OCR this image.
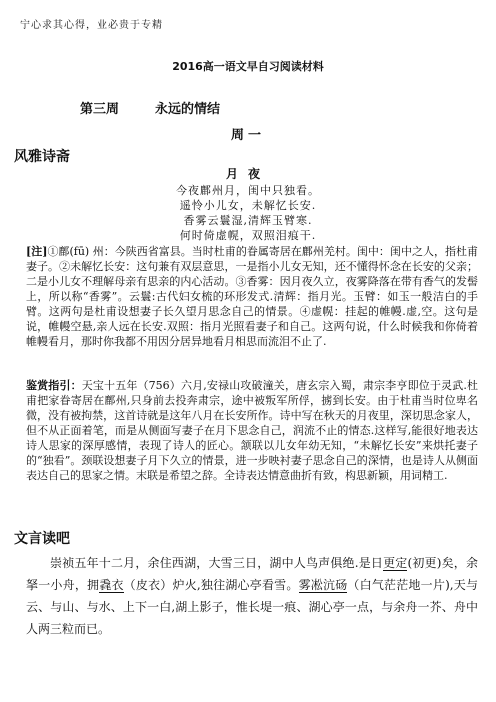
宁心求其心得，业必贵于专精
2016高一语文早自习阅读材料
第三周	永远的情结
周一
风雅诗斋
月夜
今夜鄜州月，闺中只独看。
遥怜小儿女，未解忆长安.
香雾云鬟湿,清辉玉臂寒.
何时倚虚幌，双照泪痕干.

[注]①鄜(fū) 州：今陕西省富县。当时杜甫的眷属寄居在鄜州羌村。闺中：闺中之人，指杜甫妻子。②未解忆长安：这句兼有双层意思，一是指小儿女无知，还不懂得怀念在长安的父亲；二是小儿女不理解母亲有思亲的内心活动。③香雾：因月夜久立，夜雾降落在带有香气的发髻上，所以称“香雾”。云鬟:古代妇女梳的环形发式.清辉：指月光。玉臂：如玉一般洁白的手臂。这两句是杜甫设想妻子长久望月思念自己的情景。④虚幌：挂起的帷幔.虚,空。这句是说，帷幔空悬,亲人远在长安.双照：指月光照看妻子和自己。这两句说，什么时候我和你倚着帷幔看月，那时你我都不用因分居异地看月相思而流泪不止了.

鉴赏指引：天宝十五年（756）六月,安禄山攻破潼关，唐玄宗入蜀，肃宗李亨即位于灵武.杜甫把家眷寄居在鄜州,只身前去投奔肃宗，途中被叛军所俘，掳到长安。由于杜甫当时位卑名微，没有被拘禁，这首诗就是这年八月在长安所作。诗中写在秋天的月夜里，深切思念家人，但不从正面着笔，而是从侧面写妻子在月下思念自己，润流不止的情态.这样写,能很好地表达诗人思家的深厚感情，表现了诗人的匠心。颔联以儿女年幼无知，“未解忆长安”来烘托妻子的“独看”。颈联设想妻子月下久立的情景，进一步映衬妻子思念自己的深情，也是诗人从侧面表达自己的思家之情。末联是希望之辞。全诗表达情意曲折有致，构思新颖，用词精工.

文言读吧

崇祯五年十二月，余住西湖，大雪三日，湖中人鸟声俱绝.是日更定(初更)矣，余拏一小舟，拥毳衣（皮衣）炉火,独往湖心亭看雪。雾凇沆砀（白气茫茫地一片),天与云、与山、与水、上下一白,湖上影子，惟长堤一痕、湖心亭一点，与余舟一芥、舟中人两三粒而已。
